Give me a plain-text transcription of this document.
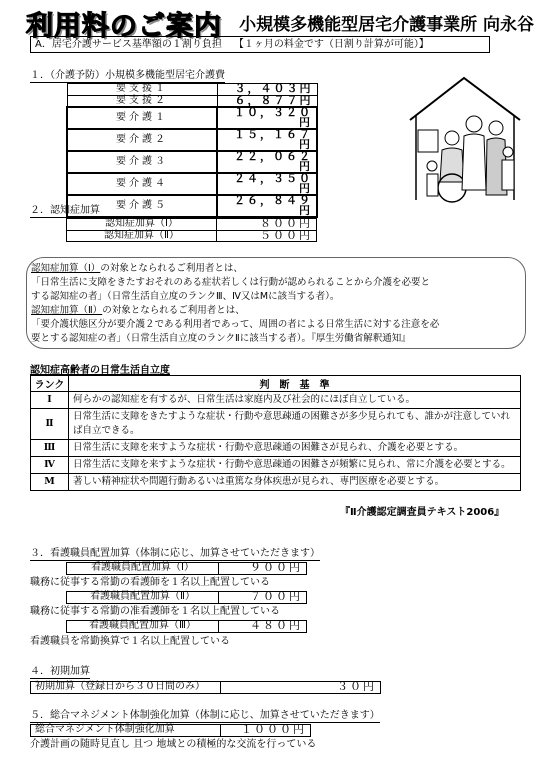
利用料のご案内 小規模多機能型居宅介護事業所 向永谷
A．居宅介護サービス基準額の１割り負担 【１ヶ月の料金です（日割り計算が可能）】
１．（介護予防）小規模多機能型居宅介護費
要支援１	３，４０３円
要支援２	６，８７７円
要介護１	１０，３２０円
要介護２	１５，１６７円
要介護３	２２，０６２円
要介護４	２４，３５０円
要介護５	２６，８４９円
２．認知症加算
認知症加算（Ⅰ）	８００円
認知症加算（Ⅱ）	５００円
認知症加算（Ⅰ）の対象となられるご利用者とは、
「日常生活に支障をきたすおそれのある症状若しくは行動が認められることから介護を必要と
する認知症の者」（日常生活自立度のランクⅢ、Ⅳ又はMに該当する者）。
認知症加算（Ⅱ）の対象となられるご利用者とは、
「要介護状態区分が要介護２である利用者であって、周囲の者による日常生活に対する注意を必
要とする認知症の者」（日常生活自立度のランクⅡに該当する者）。『厚生労働省解釈通知』
認知症高齢者の日常生活自立度
ランク	判　断　基　準
Ⅰ	何らかの認知症を有するが、日常生活は家庭内及び社会的にほぼ自立している。
Ⅱ	日常生活に支障をきたすような症状・行動や意思疎通の困難さが多少見られても、誰かが注意していれば自立できる。
Ⅲ	日常生活に支障を来すような症状・行動や意思疎通の困難さが見られ、介護を必要とする。
Ⅳ	日常生活に支障を来すような症状・行動や意思疎通の困難さが頻繁に見られ、常に介護を必要とする。
M	著しい精神症状や問題行動あるいは重篤な身体疾患が見られ、専門医療を必要とする。
『Ⅱ介護認定調査員テキスト2006』
３．看護職員配置加算（体制に応じ、加算させていただきます）
看護職員配置加算（Ⅰ）	９００円
職務に従事する常勤の看護師を１名以上配置している
看護職員配置加算（Ⅱ）	７００円
職務に従事する常勤の准看護師を１名以上配置している
看護職員配置加算（Ⅲ）	４８０円
看護職員を常勤換算で１名以上配置している
４．初期加算
初期加算（登録日から３０日間のみ）	３０円
５．総合マネジメント体制強化加算（体制に応じ、加算させていただきます）
総合マネジメント体制強化加算	１０００円
介護計画の随時見直し 且つ 地域との積極的な交流を行っている
